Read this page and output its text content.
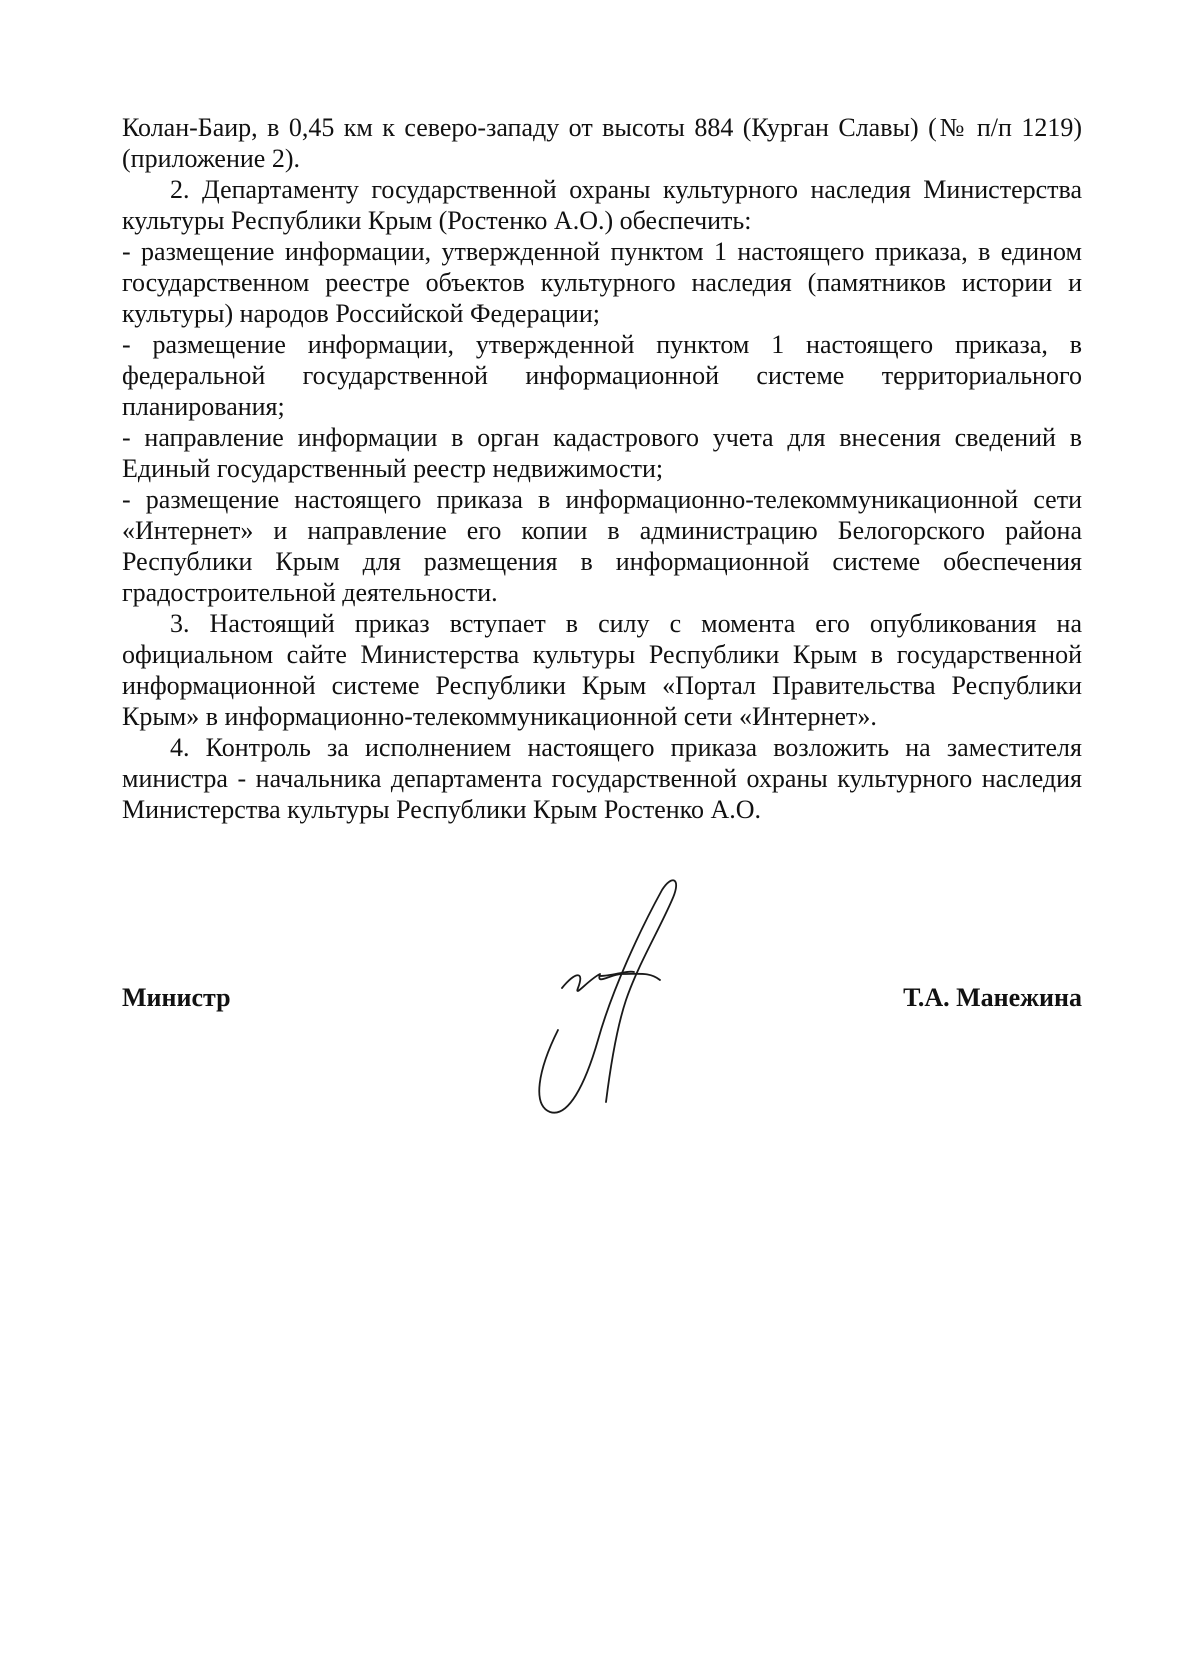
Колан-Баир, в 0,45 км к северо-западу от высоты 884 (Курган Славы) (№ п/п 1219) (приложение 2).

2. Департаменту государственной охраны культурного наследия Министерства культуры Республики Крым (Ростенко А.О.) обеспечить:

- размещение информации, утвержденной пунктом 1 настоящего приказа, в едином государственном реестре объектов культурного наследия (памятников истории и культуры) народов Российской Федерации;

- размещение информации, утвержденной пунктом 1 настоящего приказа, в федеральной государственной информационной системе территориального планирования;

- направление информации в орган кадастрового учета для внесения сведений в Единый государственный реестр недвижимости;

- размещение настоящего приказа в информационно-телекоммуникационной сети «Интернет» и направление его копии в администрацию Белогорского района Республики Крым для размещения в информационной системе обеспечения градостроительной деятельности.

3. Настоящий приказ вступает в силу с момента его опубликования на официальном сайте Министерства культуры Республики Крым в государственной информационной системе Республики Крым «Портал Правительства Республики Крым» в информационно-телекоммуникационной сети «Интернет».

4. Контроль за исполнением настоящего приказа возложить на заместителя министра - начальника департамента государственной охраны культурного наследия Министерства культуры Республики Крым Ростенко А.О.

Министр	Т.А. Манежина
